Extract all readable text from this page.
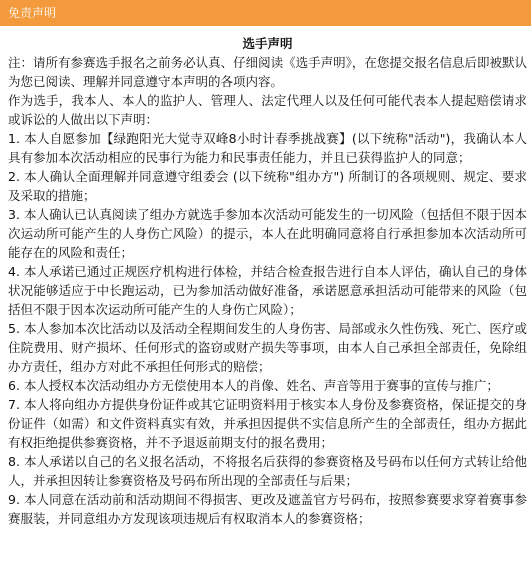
免责声明
选手声明

注：请所有参赛选手报名之前务必认真、仔细阅读《选手声明》，在您提交报名信息后即被默认为您已阅读、理解并同意遵守本声明的各项内容。

作为选手，我本人、本人的监护人、管理人、法定代理人以及任何可能代表本人提起赔偿请求或诉讼的人做出以下声明：

1. 本人自愿参加【绿跑阳光大觉寺双峰8小时计春季挑战赛】(以下统称"活动")，我确认本人具有参加本次活动相应的民事行为能力和民事责任能力，并且已获得监护人的同意；

2. 本人确认全面理解并同意遵守组委会 (以下统称"组办方") 所制订的各项规则、规定、要求及采取的措施；

3. 本人确认已认真阅读了组办方就选手参加本次活动可能发生的一切风险（包括但不限于因本次运动所可能产生的人身伤亡风险）的提示，本人在此明确同意将自行承担参加本次活动所可能存在的风险和责任；

4. 本人承诺已通过正规医疗机构进行体检，并结合检查报告进行自本人评估，确认自己的身体状况能够适应于中长跑运动，已为参加活动做好准备，承诺愿意承担活动可能带来的风险（包括但不限于因本次运动所可能产生的人身伤亡风险）；

5. 本人参加本次比活动以及活动全程期间发生的人身伤害、局部或永久性伤残、死亡、医疗或住院费用、财产损坏、任何形式的盗窃或财产损失等事项，由本人自己承担全部责任，免除组办方责任，组办方对此不承担任何形式的赔偿；

6. 本人授权本次活动组办方无偿使用本人的肖像、姓名、声音等用于赛事的宣传与推广；

7. 本人将向组办方提供身份证件或其它证明资料用于核实本人身份及参赛资格，保证提交的身份证件（如需）和文件资料真实有效，并承担因提供不实信息所产生的全部责任，组办方据此有权拒绝提供参赛资格，并不予退返前期支付的报名费用；

8. 本人承诺以自己的名义报名活动，不将报名后获得的参赛资格及号码布以任何方式转让给他人，并承担因转让参赛资格及号码布所出现的全部责任与后果；

9. 本人同意在活动前和活动期间不得损害、更改及遮盖官方号码布，按照参赛要求穿着赛事参赛服装，并同意组办方发现该项违规后有权取消本人的参赛资格；
